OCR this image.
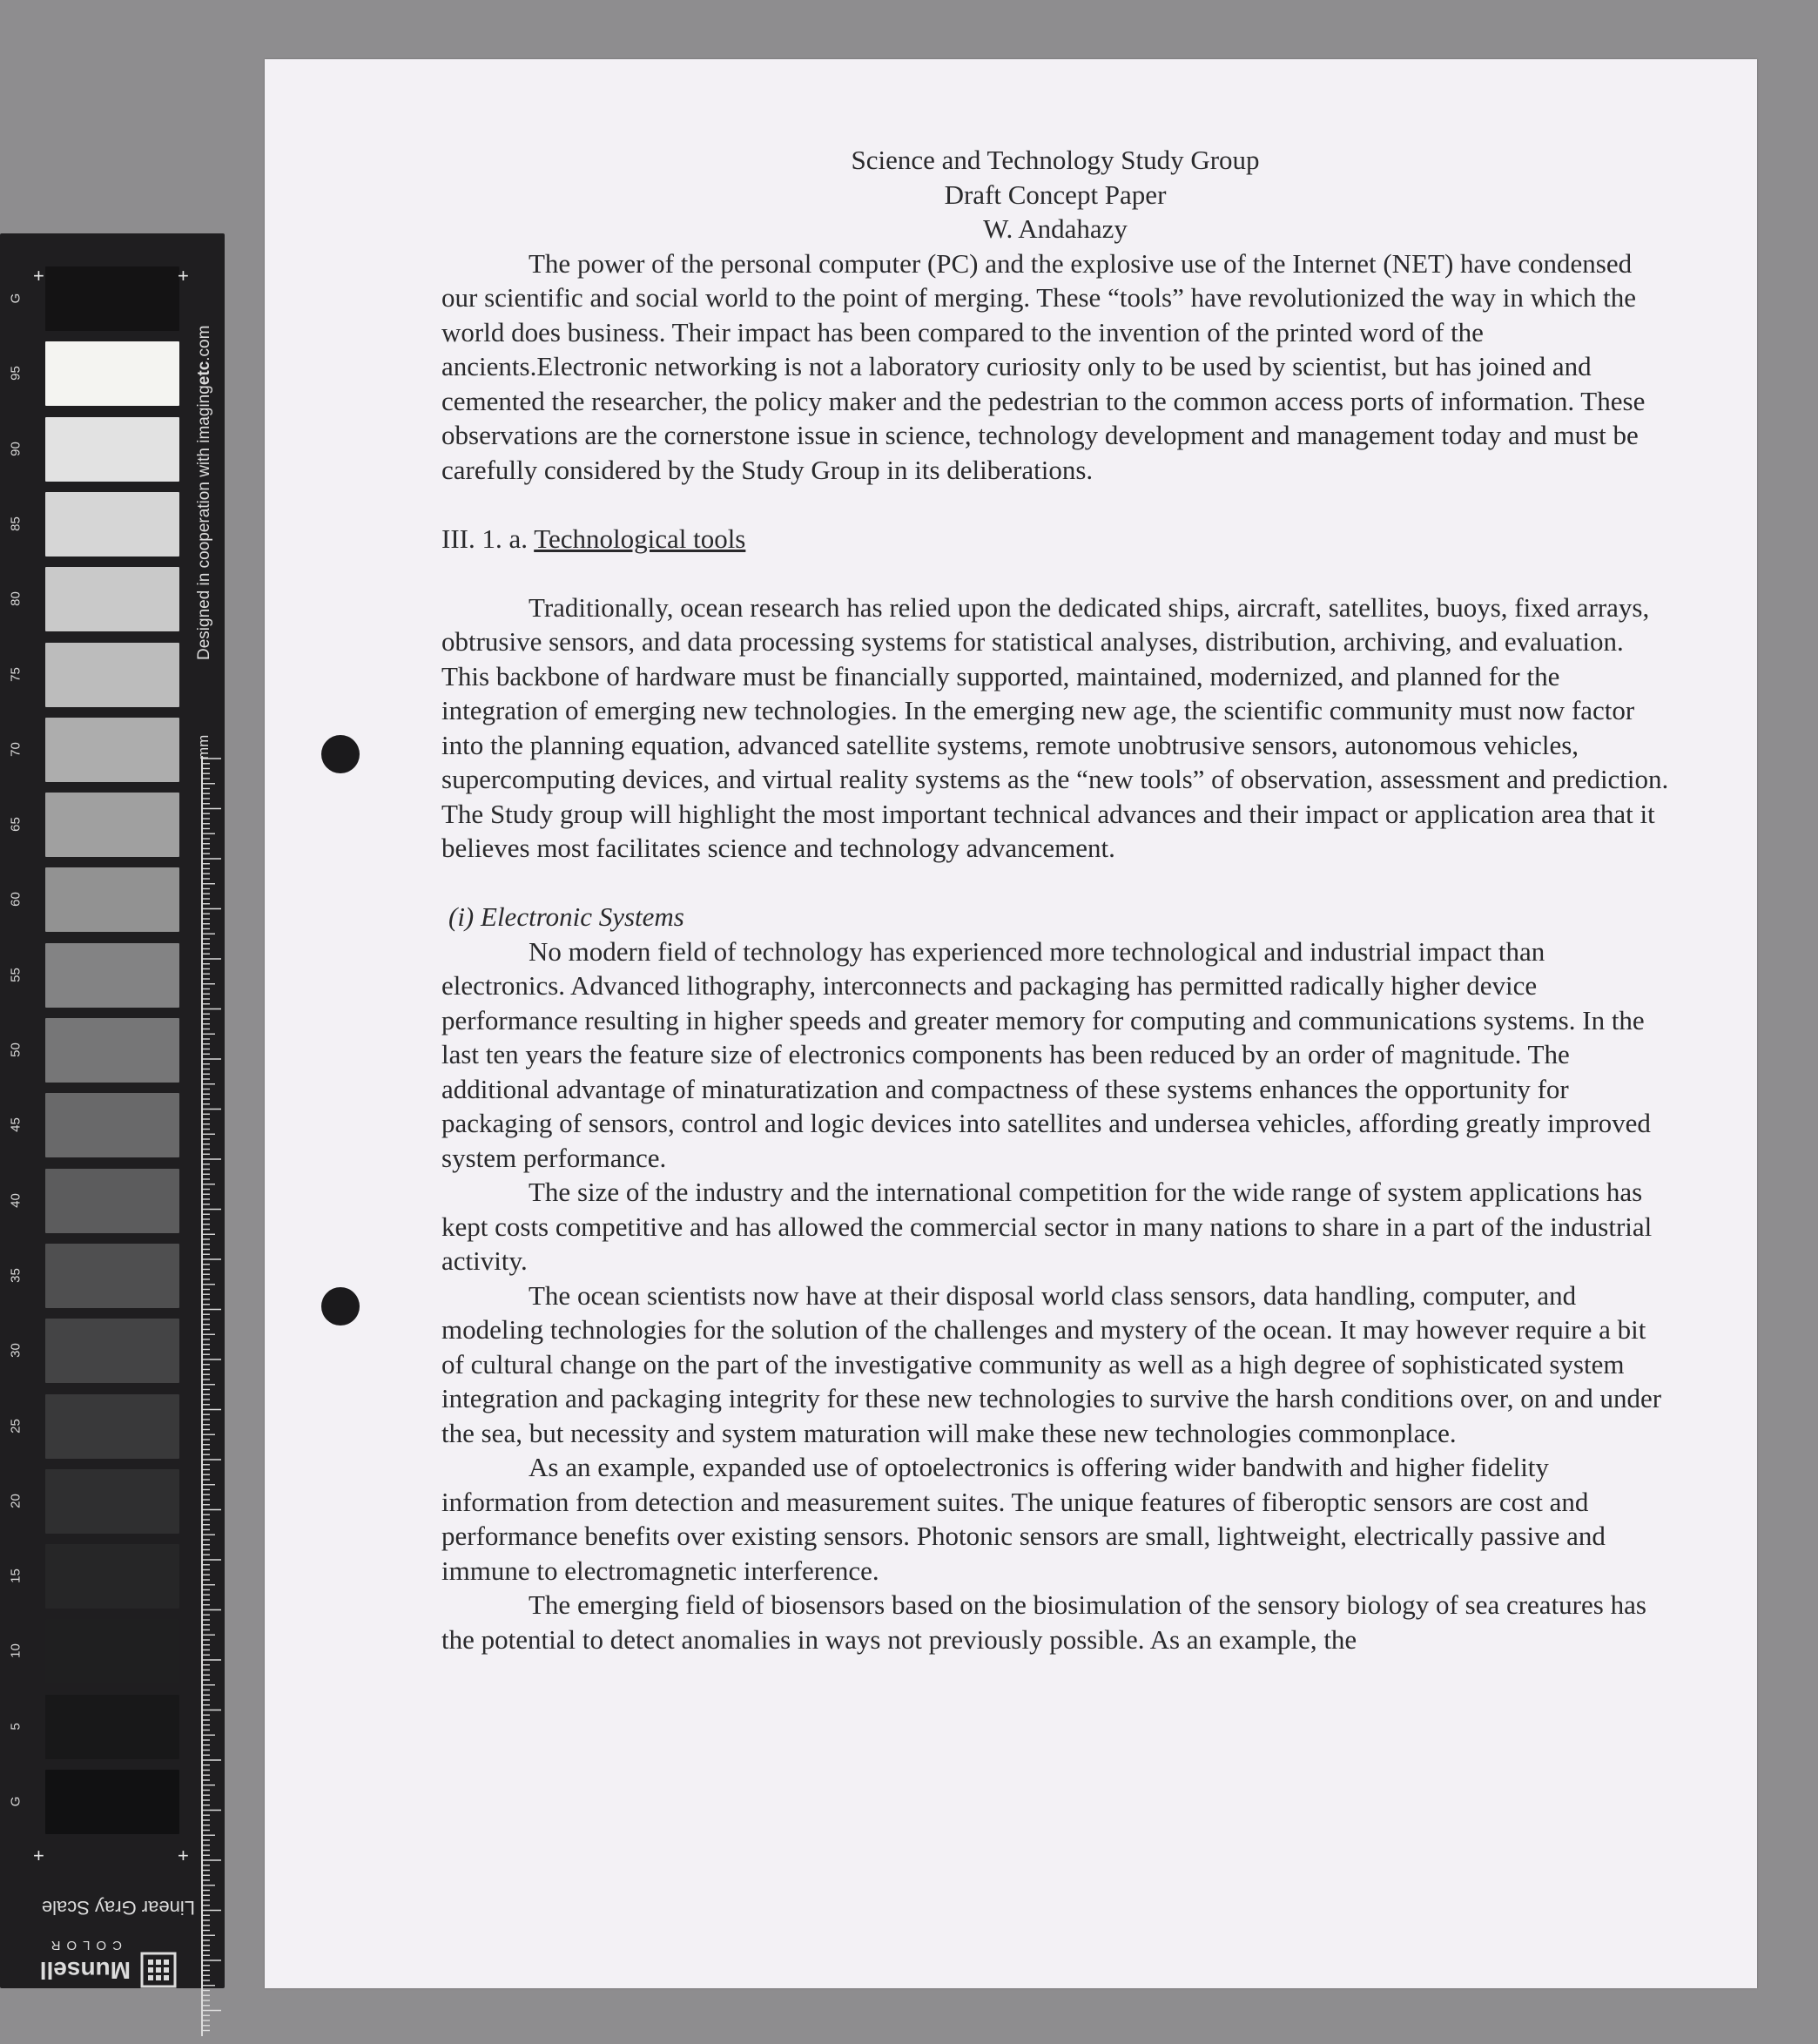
+	+
+	+
Designed in cooperation with imagingetc.com
mm
Linear Gray Scale
Munsell
COLOR
G
95
90
85
80
75
70
65
60
55
50
45
40
35
30
25
20
15
10
5
G

Science and Technology Study Group

Draft Concept Paper

W. Andahazy

The power of the personal computer (PC) and the explosive use of the Internet (NET) have condensed our scientific and social world to the point of merging. These “tools” have revolutionized the way in which the world does business. Their impact has been compared to the invention of the printed word of the ancients.Electronic networking is not a laboratory curiosity only to be used by scientist, but has joined and cemented the researcher, the policy maker and the pedestrian to the common access ports of information. These observations are the cornerstone issue in science, technology development and management today and must be carefully considered by the Study Group in its deliberations.

III. 1. a. Technological tools

Traditionally, ocean research has relied upon the dedicated ships, aircraft, satellites, buoys, fixed arrays, obtrusive sensors, and data processing systems for statistical analyses, distribution, archiving, and evaluation. This backbone of hardware must be financially supported, maintained, modernized, and planned for the integration of emerging new technologies. In the emerging new age, the scientific community must now factor into the planning equation, advanced satellite systems, remote unobtrusive sensors, autonomous vehicles, supercomputing devices, and virtual reality systems as the “new tools” of observation, assessment and prediction. The Study group will highlight the most important technical advances and their impact or application area that it believes most facilitates science and technology advancement.

(i) Electronic Systems

No modern field of technology has experienced more technological and industrial impact than electronics. Advanced lithography, interconnects and packaging has permitted radically higher device performance resulting in higher speeds and greater memory for computing and communications systems. In the last ten years the feature size of electronics components has been reduced by an order of magnitude. The additional advantage of minaturatization and compactness of these systems enhances the opportunity for packaging of sensors, control and logic devices into satellites and undersea vehicles, affording greatly improved system performance.

The size of the industry and the international competition for the wide range of system applications has kept costs competitive and has allowed the commercial sector in many nations to share in a part of the industrial activity.

The ocean scientists now have at their disposal world class sensors, data handling, computer, and modeling technologies for the solution of the challenges and mystery of the ocean. It may however require a bit of cultural change on the part of the investigative community as well as a high degree of sophisticated system integration and packaging integrity for these new technologies to survive the harsh conditions over, on and under the sea, but necessity and system maturation will make these new technologies commonplace.

As an example, expanded use of optoelectronics is offering wider bandwith and higher fidelity information from detection and measurement suites. The unique features of fiberoptic sensors are cost and performance benefits over existing sensors. Photonic sensors are small, lightweight, electrically passive and immune to electromagnetic interference.

The emerging field of biosensors based on the biosimulation of the sensory biology of sea creatures has the potential to detect anomalies in ways not previously possible. As an example, the
